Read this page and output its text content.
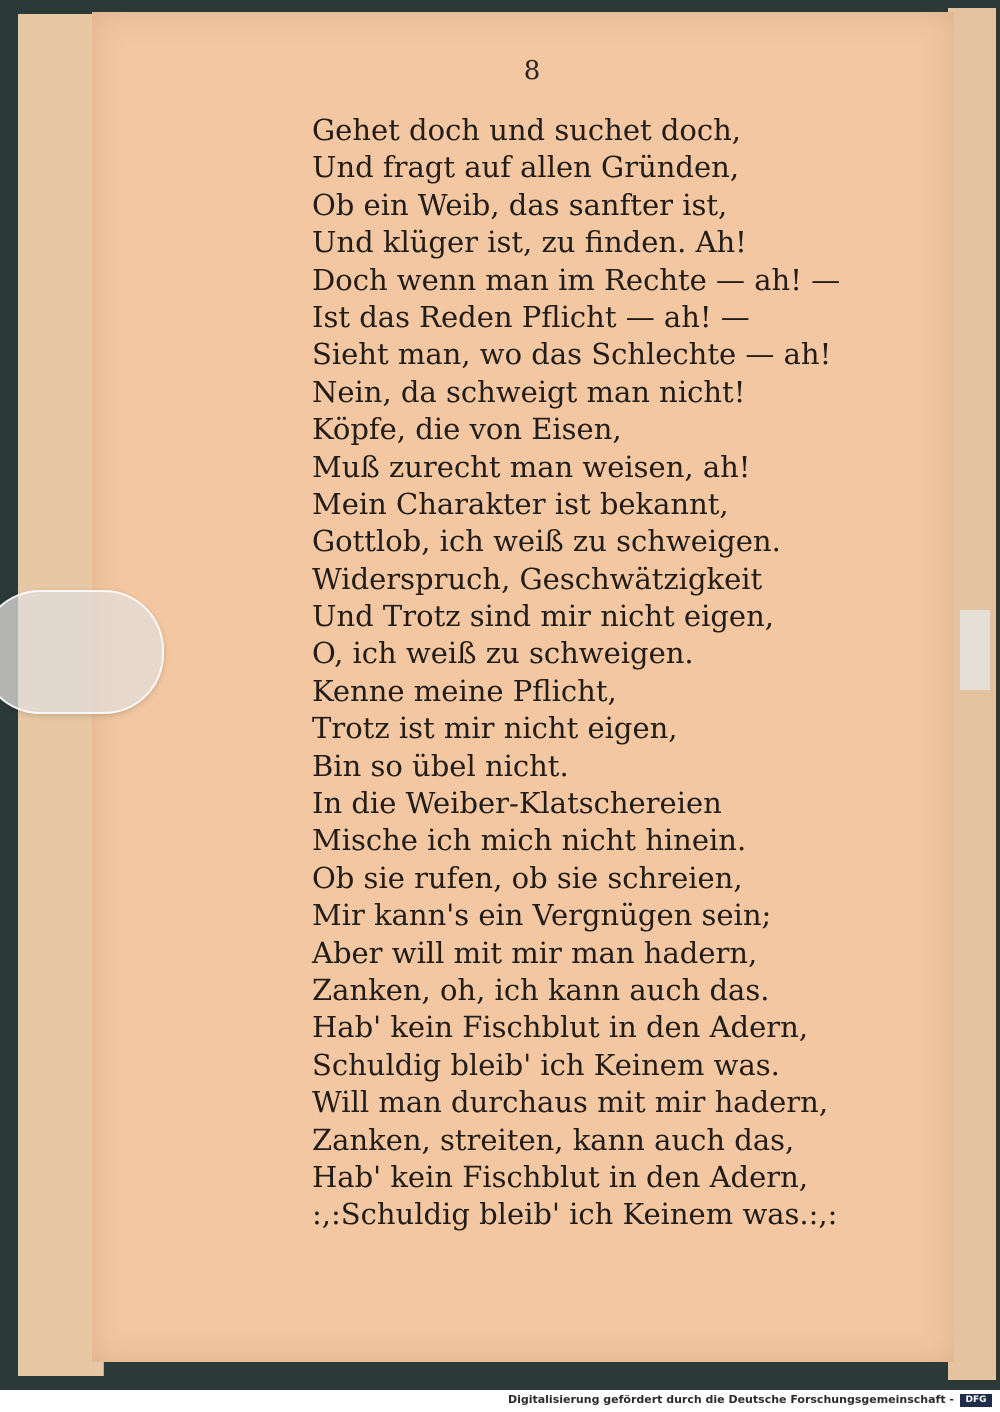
8

Gehet doch und suchet doch,
Und fragt auf allen Gründen,
Ob ein Weib, das sanfter ist,
Und klüger ist, zu finden. Ah!
Doch wenn man im Rechte — ah! —
Ist das Reden Pflicht — ah! —
Sieht man, wo das Schlechte — ah!
Nein, da schweigt man nicht!
Köpfe, die von Eisen,
Muß zurecht man weisen, ah!
Mein Charakter ist bekannt,
Gottlob, ich weiß zu schweigen.
Widerspruch, Geschwätzigkeit
Und Trotz sind mir nicht eigen,
O, ich weiß zu schweigen.
Kenne meine Pflicht,
Trotz ist mir nicht eigen,
Bin so übel nicht.
In die Weiber-Klatschereien
Mische ich mich nicht hinein.
Ob sie rufen, ob sie schreien,
Mir kann's ein Vergnügen sein;
Aber will mit mir man hadern,
Zanken, oh, ich kann auch das.
Hab' kein Fischblut in den Adern,
Schuldig bleib' ich Keinem was.
Will man durchaus mit mir hadern,
Zanken, streiten, kann auch das,
Hab' kein Fischblut in den Adern,
:,:Schuldig bleib' ich Keinem was.:,:
Digitalisierung gefördert durch die Deutsche Forschungsgemeinschaft -	DFG
